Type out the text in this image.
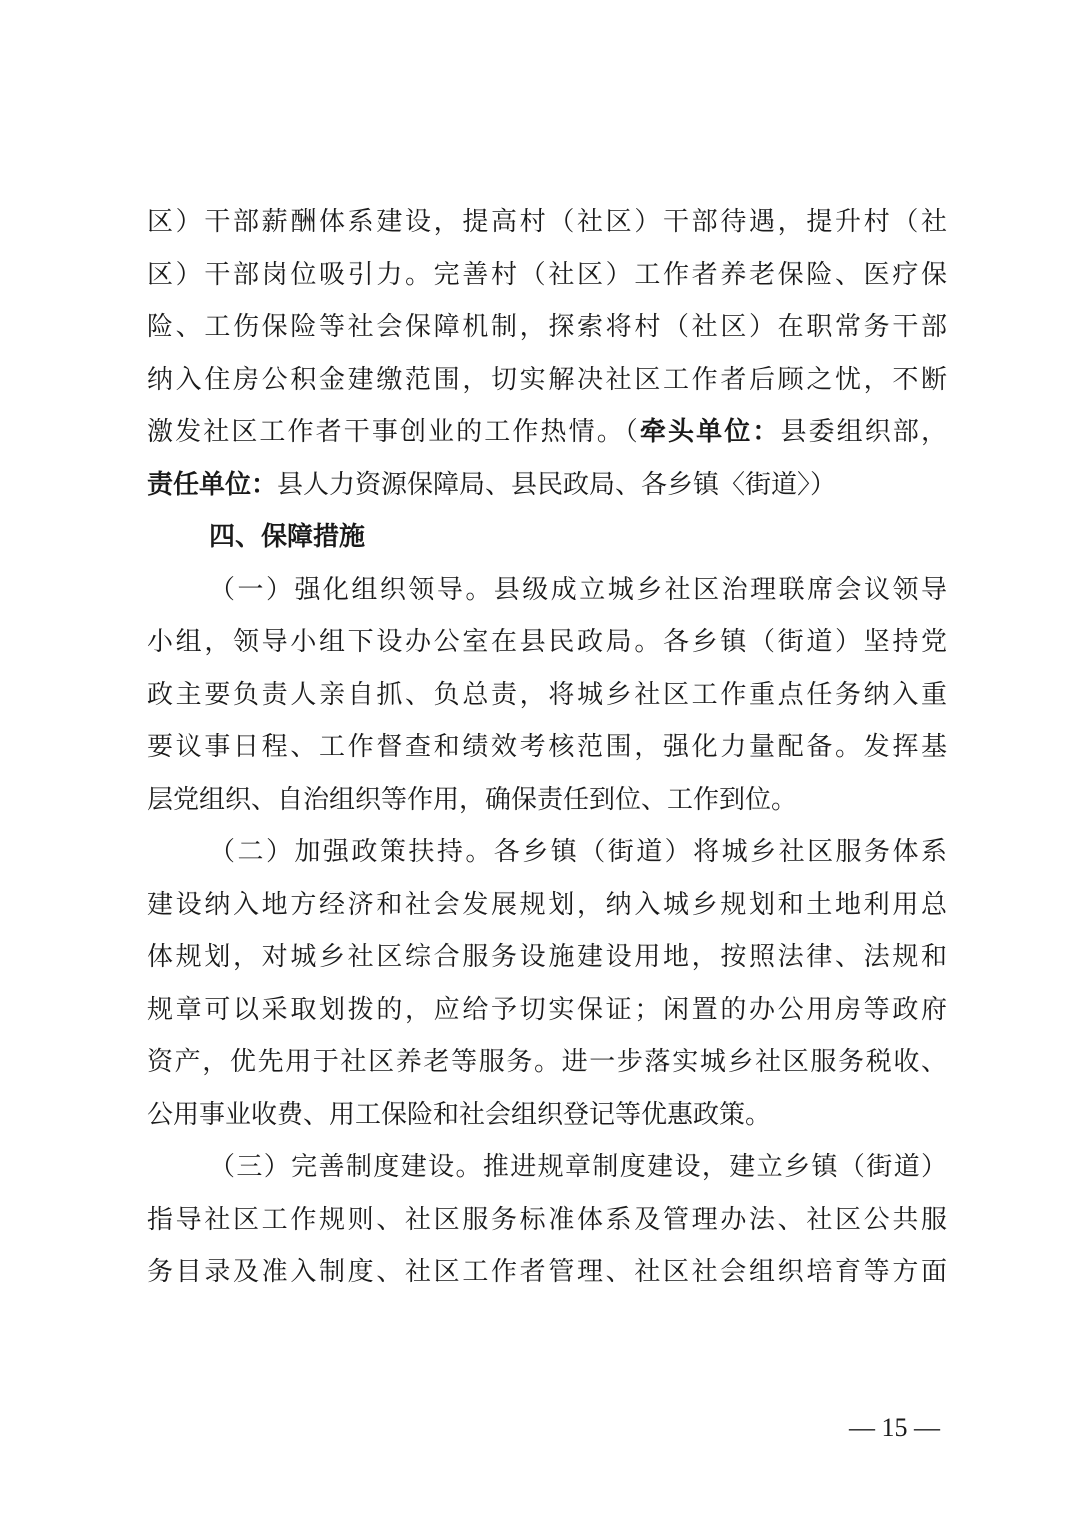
区）干部薪酬体系建设，提高村（社区）干部待遇，提升村（社
区）干部岗位吸引力。完善村（社区）工作者养老保险、医疗保
险、工伤保险等社会保障机制，探索将村（社区）在职常务干部
纳入住房公积金建缴范围，切实解决社区工作者后顾之忧，不断
激发社区工作者干事创业的工作热情。（牵头单位：县委组织部，
责任单位：县人力资源保障局、县民政局、各乡镇〈街道〉）
四、保障措施
（一）强化组织领导。县级成立城乡社区治理联席会议领导
小组，领导小组下设办公室在县民政局。各乡镇（街道）坚持党
政主要负责人亲自抓、负总责，将城乡社区工作重点任务纳入重
要议事日程、工作督查和绩效考核范围，强化力量配备。发挥基
层党组织、自治组织等作用，确保责任到位、工作到位。
（二）加强政策扶持。各乡镇（街道）将城乡社区服务体系
建设纳入地方经济和社会发展规划，纳入城乡规划和土地利用总
体规划，对城乡社区综合服务设施建设用地，按照法律、法规和
规章可以采取划拨的，应给予切实保证；闲置的办公用房等政府
资产，优先用于社区养老等服务。进一步落实城乡社区服务税收、
公用事业收费、用工保险和社会组织登记等优惠政策。
（三）完善制度建设。推进规章制度建设，建立乡镇（街道）
指导社区工作规则、社区服务标准体系及管理办法、社区公共服
务目录及准入制度、社区工作者管理、社区社会组织培育等方面
— 15 —
